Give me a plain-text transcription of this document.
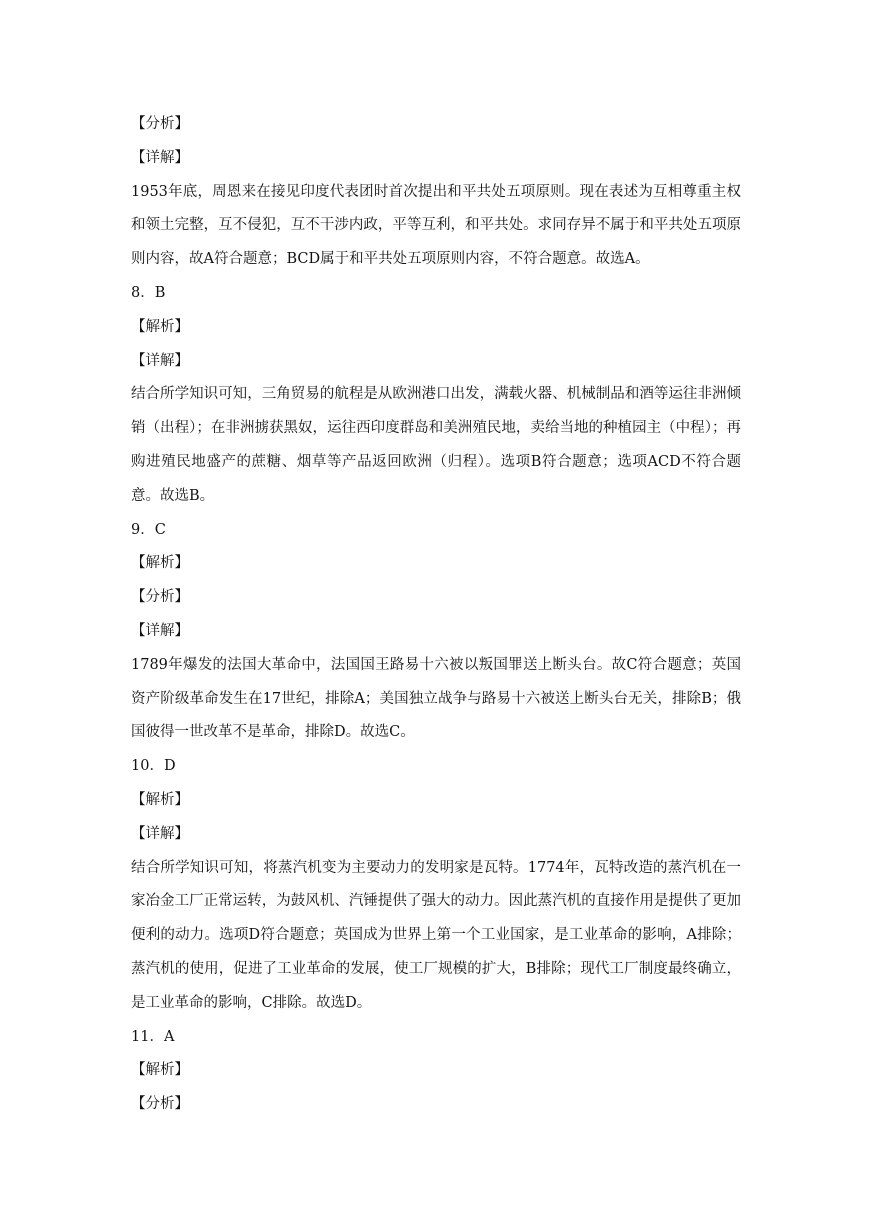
【分析】
【详解】
1953年底，周恩来在接见印度代表团时首次提出和平共处五项原则。现在表述为互相尊重主权和领土完整，互不侵犯，互不干涉内政，平等互利，和平共处。求同存异不属于和平共处五项原则内容，故A符合题意；BCD属于和平共处五项原则内容，不符合题意。故选A。
8．B
【解析】
【详解】
结合所学知识可知，三角贸易的航程是从欧洲港口出发，满载火器、机械制品和酒等运往非洲倾销（出程）；在非洲掳获黑奴，运往西印度群岛和美洲殖民地，卖给当地的种植园主（中程）；再购进殖民地盛产的蔗糖、烟草等产品返回欧洲（归程）。选项B符合题意；选项ACD不符合题意。故选B。
9．C
【解析】
【分析】
【详解】
1789年爆发的法国大革命中，法国国王路易十六被以叛国罪送上断头台。故C符合题意；英国资产阶级革命发生在17世纪，排除A；美国独立战争与路易十六被送上断头台无关，排除B；俄国彼得一世改革不是革命，排除D。故选C。
10．D
【解析】
【详解】
结合所学知识可知，将蒸汽机变为主要动力的发明家是瓦特。1774年，瓦特改造的蒸汽机在一家冶金工厂正常运转，为鼓风机、汽锤提供了强大的动力。因此蒸汽机的直接作用是提供了更加便利的动力。选项D符合题意；英国成为世界上第一个工业国家，是工业革命的影响，A排除；蒸汽机的使用，促进了工业革命的发展，使工厂规模的扩大，B排除；现代工厂制度最终确立，是工业革命的影响，C排除。故选D。
11．A
【解析】
【分析】
